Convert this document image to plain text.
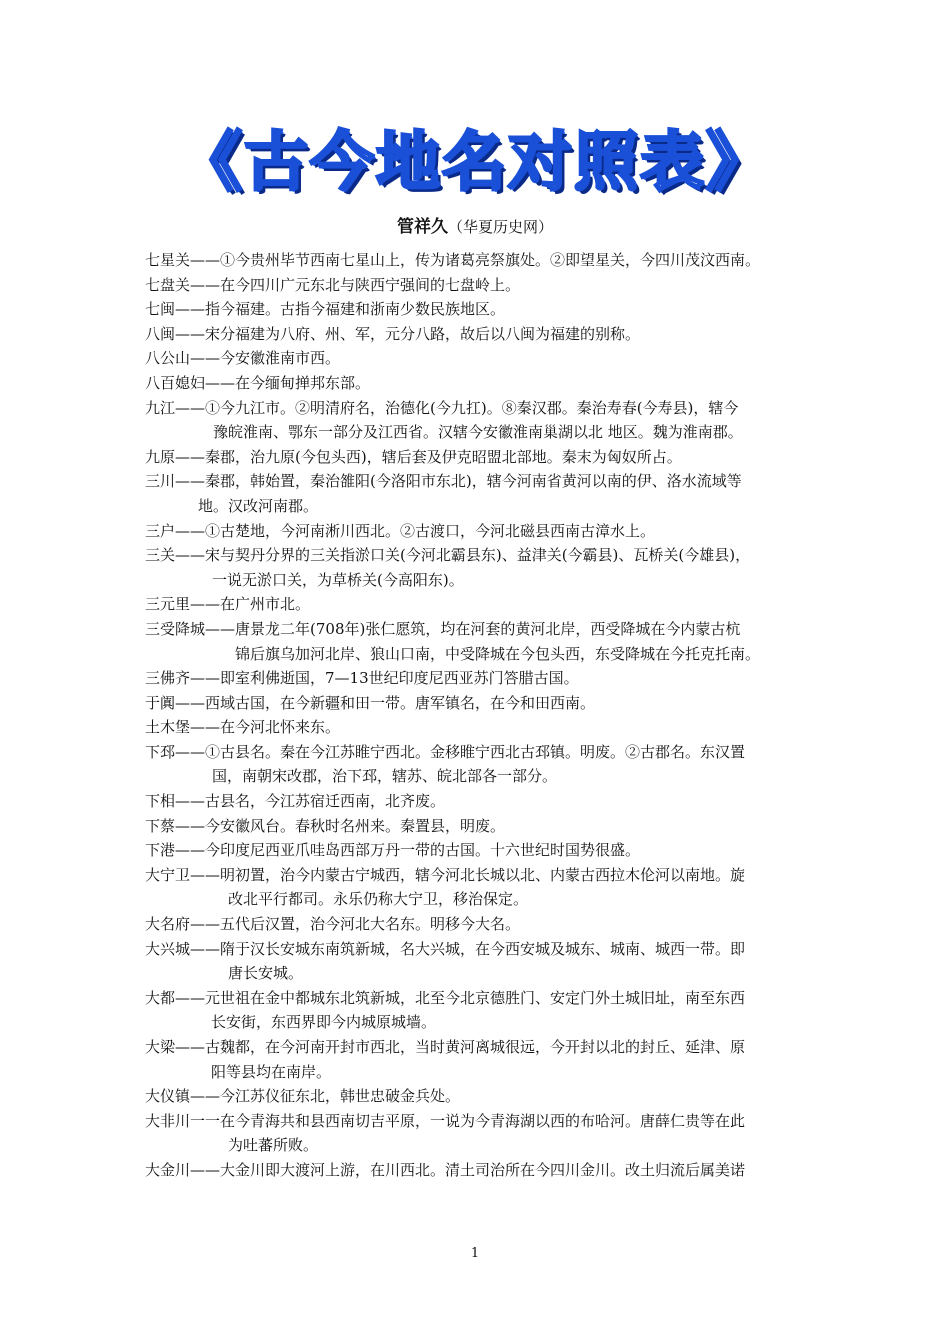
《古今地名对照表》
管祥久（华夏历史网）
七星关——①今贵州毕节西南七星山上，传为诸葛亮祭旗处。②即望星关，今四川茂汶西南。
七盘关——在今四川广元东北与陕西宁强间的七盘岭上。
七闽——指今福建。古指今福建和浙南少数民族地区。
八闽——宋分福建为八府、州、军，元分八路，故后以八闽为福建的别称。
八公山——今安徽淮南市西。
八百媳妇——在今缅甸掸邦东部。
九江——①今九江市。②明清府名，治德化(今九扛)。⑧秦汉郡。秦治寿春(今寿县)，辖今
豫皖淮南、鄂东一部分及江西省。汉辖今安徽淮南巢湖以北 地区。魏为淮南郡。
九原——秦郡，治九原(今包头西)，辖后套及伊克昭盟北部地。秦末为匈奴所占。
三川——秦郡，韩始置，秦治雒阳(今洛阳市东北)，辖今河南省黄河以南的伊、洛水流域等
地。汉改河南郡。
三户——①古楚地，今河南淅川西北。②古渡口，今河北磁县西南古漳水上。
三关——宋与契丹分界的三关指淤口关(今河北霸县东)、益津关(今霸县)、瓦桥关(今雄县)，
一说无淤口关，为草桥关(今高阳东)。
三元里——在广州市北。
三受降城——唐景龙二年(708年)张仁愿筑，均在河套的黄河北岸，西受降城在今内蒙古杭
锦后旗乌加河北岸、狼山口南，中受降城在今包头西，东受降城在今托克托南。
三佛齐——即室利佛逝国，7—13世纪印度尼西亚苏门答腊古国。
于阗——西域古国，在今新疆和田一带。唐军镇名，在今和田西南。
土木堡——在今河北怀来东。
下邳——①古县名。秦在今江苏睢宁西北。金移睢宁西北古邳镇。明废。②古郡名。东汉置
国，南朝宋改郡，治下邳，辖苏、皖北部各一部分。
下相——古县名，今江苏宿迁西南，北齐废。
下蔡——今安徽风台。春秋时名州来。秦置县，明废。
下港——今印度尼西亚爪哇岛西部万丹一带的古国。十六世纪时国势很盛。
大宁卫——明初置，治今内蒙古宁城西，辖今河北长城以北、内蒙古西拉木伦河以南地。旋
改北平行都司。永乐仍称大宁卫，移治保定。
大名府——五代后汉置，治今河北大名东。明移今大名。
大兴城——隋于汉长安城东南筑新城，名大兴城，在今西安城及城东、城南、城西一带。即
唐长安城。
大都——元世祖在金中都城东北筑新城，北至今北京德胜门、安定门外土城旧址，南至东西
长安街，东西界即今内城原城墙。
大梁——古魏都，在今河南开封市西北，当时黄河离城很远，今开封以北的封丘、延津、原
阳等县均在南岸。
大仪镇——今江苏仪征东北，韩世忠破金兵处。
大非川一一在今青海共和县西南切吉平原，一说为今青海湖以西的布哈河。唐薛仁贵等在此
为吐蕃所败。
大金川——大金川即大渡河上游，在川西北。清土司治所在今四川金川。改土归流后属美诺
1
